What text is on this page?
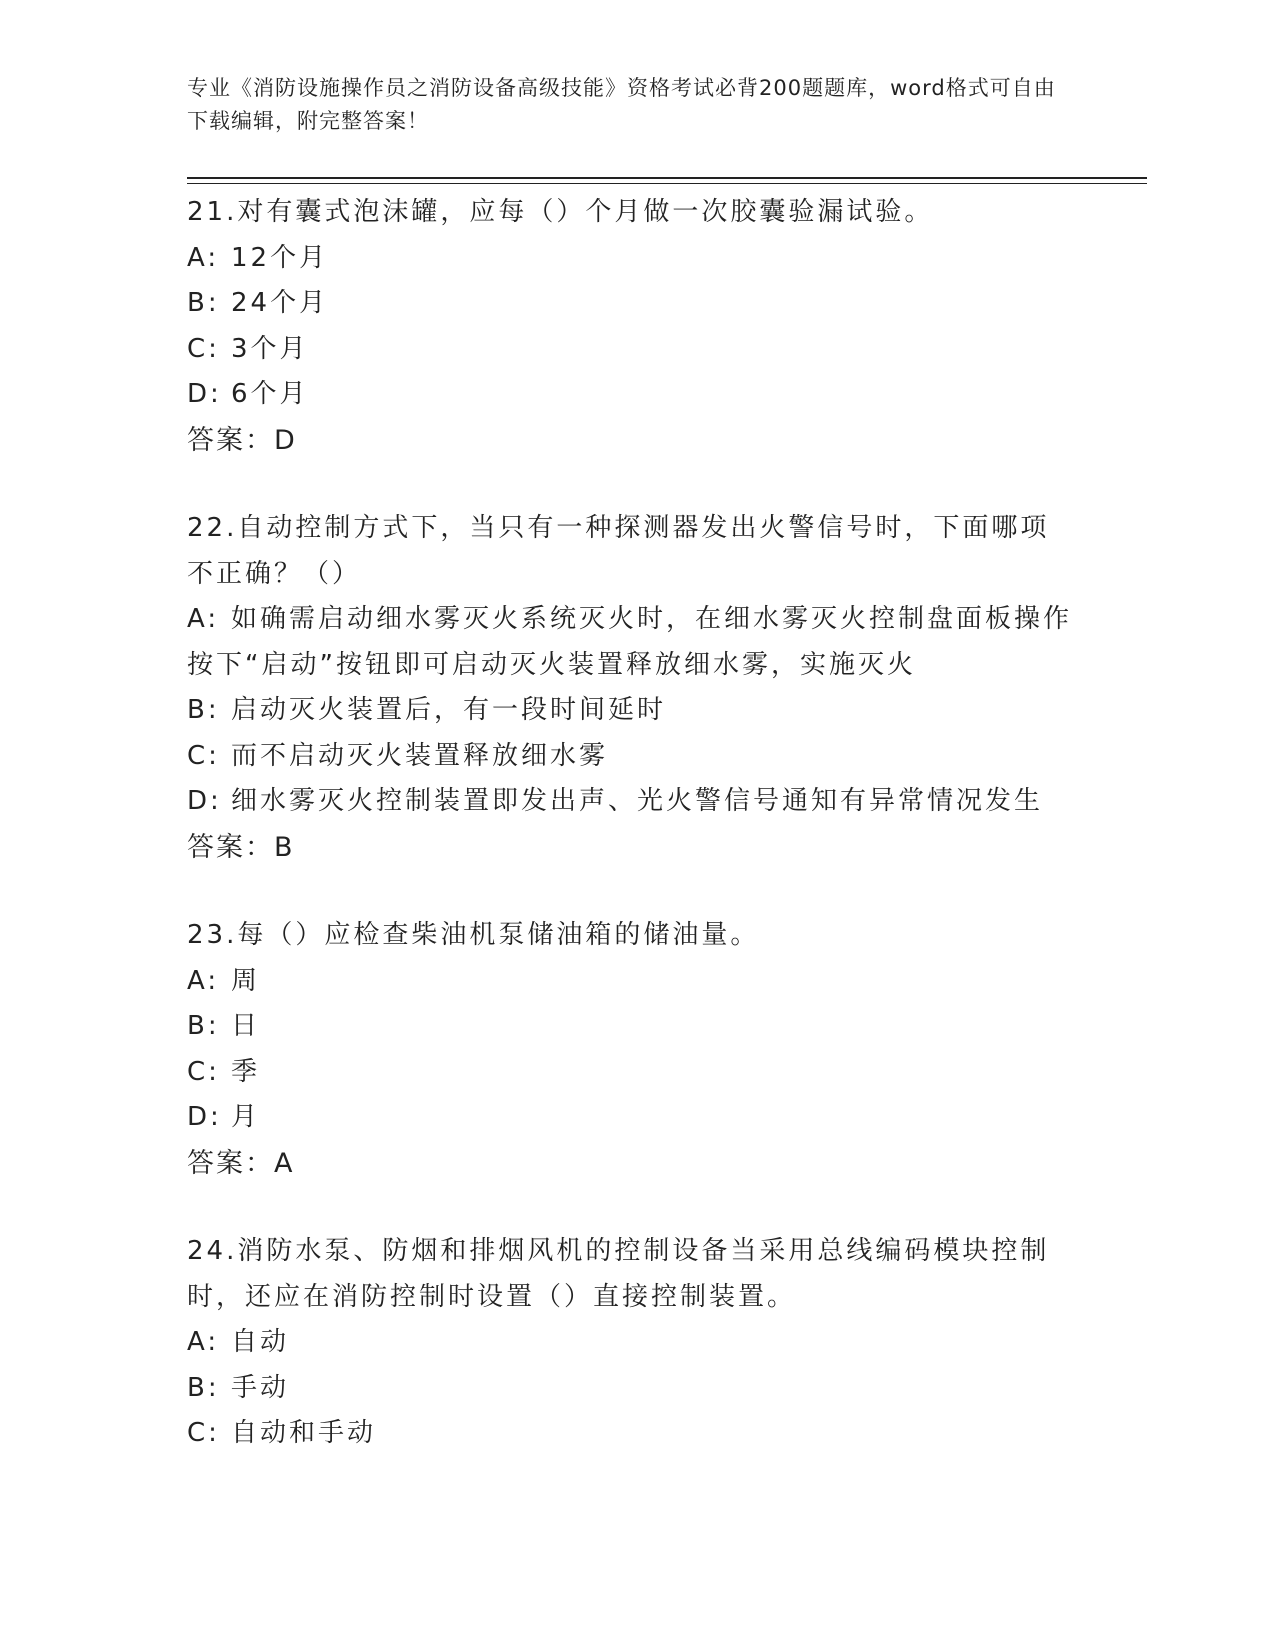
专业《消防设施操作员之消防设备高级技能》资格考试必背200题题库，word格式可自由下载编辑，附完整答案！
21.对有囊式泡沫罐，应每（）个月做一次胶囊验漏试验。
A: 12个月
B: 24个月
C: 3个月
D: 6个月
答案：D
22.自动控制方式下，当只有一种探测器发出火警信号时，下面哪项不正确？（）
A: 如确需启动细水雾灭火系统灭火时，在细水雾灭火控制盘面板操作按下“启动”按钮即可启动灭火装置释放细水雾，实施灭火
B: 启动灭火装置后，有一段时间延时
C: 而不启动灭火装置释放细水雾
D: 细水雾灭火控制装置即发出声、光火警信号通知有异常情况发生
答案：B
23.每（）应检查柴油机泵储油箱的储油量。
A: 周
B: 日
C: 季
D: 月
答案：A
24.消防水泵、防烟和排烟风机的控制设备当采用总线编码模块控制时，还应在消防控制时设置（）直接控制装置。
A: 自动
B: 手动
C: 自动和手动
